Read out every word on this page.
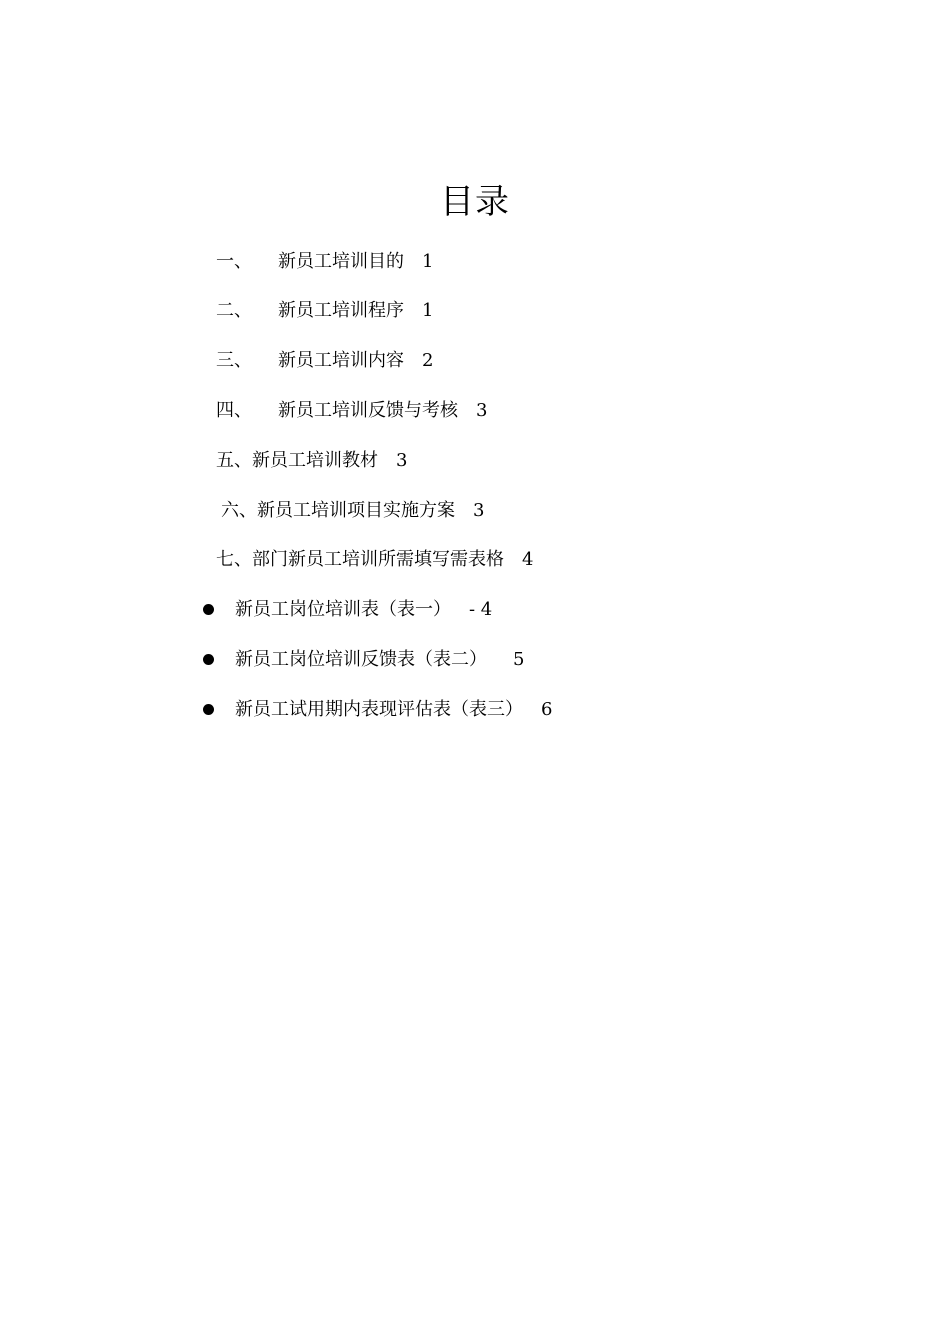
目录
一、 新员工培训目的 1
二、 新员工培训程序 1
三、 新员工培训内容 2
四、 新员工培训反馈与考核 3
五、新员工培训教材 3
六、新员工培训项目实施方案 3
七、部门新员工培训所需填写需表格 4
新员工岗位培训表（表一） - 4
新员工岗位培训反馈表（表二） 5
新员工试用期内表现评估表（表三） 6
